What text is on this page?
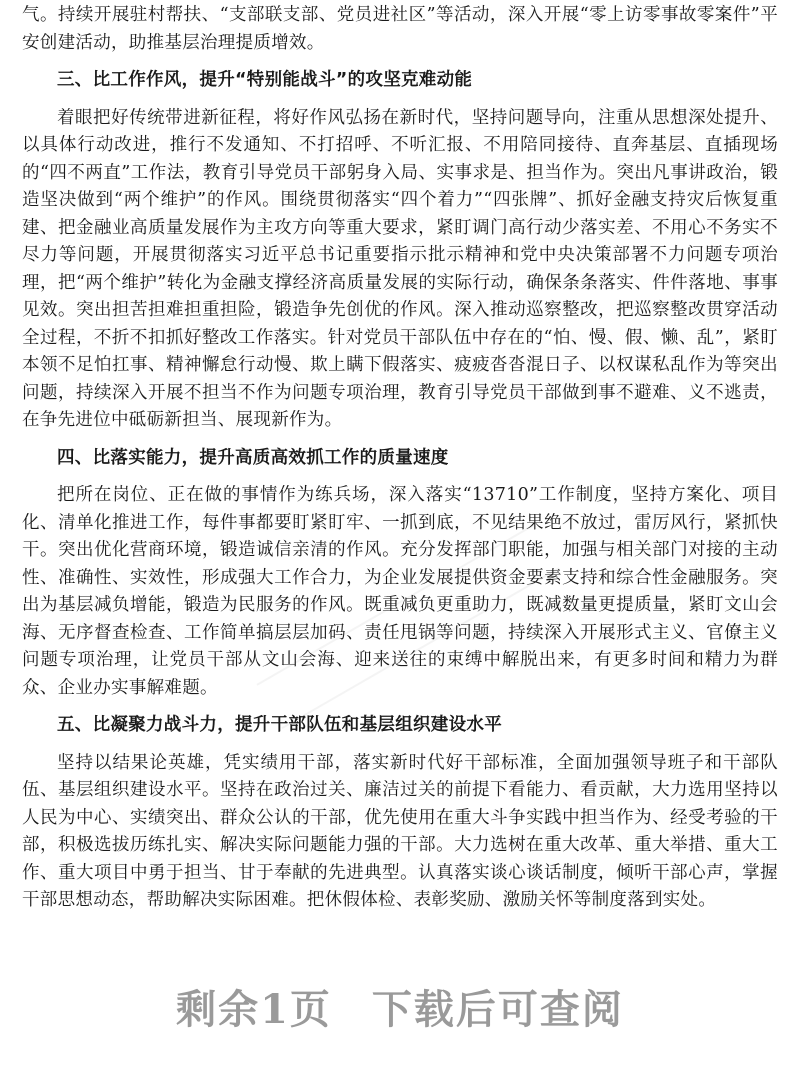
气。持续开展驻村帮扶、“支部联支部、党员进社区”等活动，深入开展“零上访零事故零案件”平安创建活动，助推基层治理提质增效。

三、比工作作风，提升“特别能战斗”的攻坚克难动能

着眼把好传统带进新征程，将好作风弘扬在新时代，坚持问题导向，注重从思想深处提升、以具体行动改进，推行不发通知、不打招呼、不听汇报、不用陪同接待、直奔基层、直插现场的“四不两直”工作法，教育引导党员干部躬身入局、实事求是、担当作为。突出凡事讲政治，锻造坚决做到“两个维护”的作风。围绕贯彻落实“四个着力”“四张牌”、抓好金融支持灾后恢复重建、把金融业高质量发展作为主攻方向等重大要求，紧盯调门高行动少落实差、不用心不务实不尽力等问题，开展贯彻落实习近平总书记重要指示批示精神和党中央决策部署不力问题专项治理，把“两个维护”转化为金融支撑经济高质量发展的实际行动，确保条条落实、件件落地、事事见效。突出担苦担难担重担险，锻造争先创优的作风。深入推动巡察整改，把巡察整改贯穿活动全过程，不折不扣抓好整改工作落实。针对党员干部队伍中存在的“怕、慢、假、懒、乱”，紧盯本领不足怕扛事、精神懈怠行动慢、欺上瞒下假落实、疲疲沓沓混日子、以权谋私乱作为等突出问题，持续深入开展不担当不作为问题专项治理，教育引导党员干部做到事不避难、义不逃责，在争先进位中砥砺新担当、展现新作为。

四、比落实能力，提升高质高效抓工作的质量速度

把所在岗位、正在做的事情作为练兵场，深入落实“13710”工作制度，坚持方案化、项目化、清单化推进工作，每件事都要盯紧盯牢、一抓到底，不见结果绝不放过，雷厉风行，紧抓快干。突出优化营商环境，锻造诚信亲清的作风。充分发挥部门职能，加强与相关部门对接的主动性、准确性、实效性，形成强大工作合力，为企业发展提供资金要素支持和综合性金融服务。突出为基层减负增能，锻造为民服务的作风。既重减负更重助力，既减数量更提质量，紧盯文山会海、无序督查检查、工作简单搞层层加码、责任甩锅等问题，持续深入开展形式主义、官僚主义问题专项治理，让党员干部从文山会海、迎来送往的束缚中解脱出来，有更多时间和精力为群众、企业办实事解难题。

五、比凝聚力战斗力，提升干部队伍和基层组织建设水平

坚持以结果论英雄，凭实绩用干部，落实新时代好干部标准，全面加强领导班子和干部队伍、基层组织建设水平。坚持在政治过关、廉洁过关的前提下看能力、看贡献，大力选用坚持以人民为中心、实绩突出、群众公认的干部，优先使用在重大斗争实践中担当作为、经受考验的干部，积极选拔历练扎实、解决实际问题能力强的干部。大力选树在重大改革、重大举措、重大工作、重大项目中勇于担当、甘于奉献的先进典型。认真落实谈心谈话制度，倾听干部心声，掌握干部思想动态，帮助解决实际困难。把休假体检、表彰奖励、激励关怀等制度落到实处。

剩余1页 下载后可查阅
